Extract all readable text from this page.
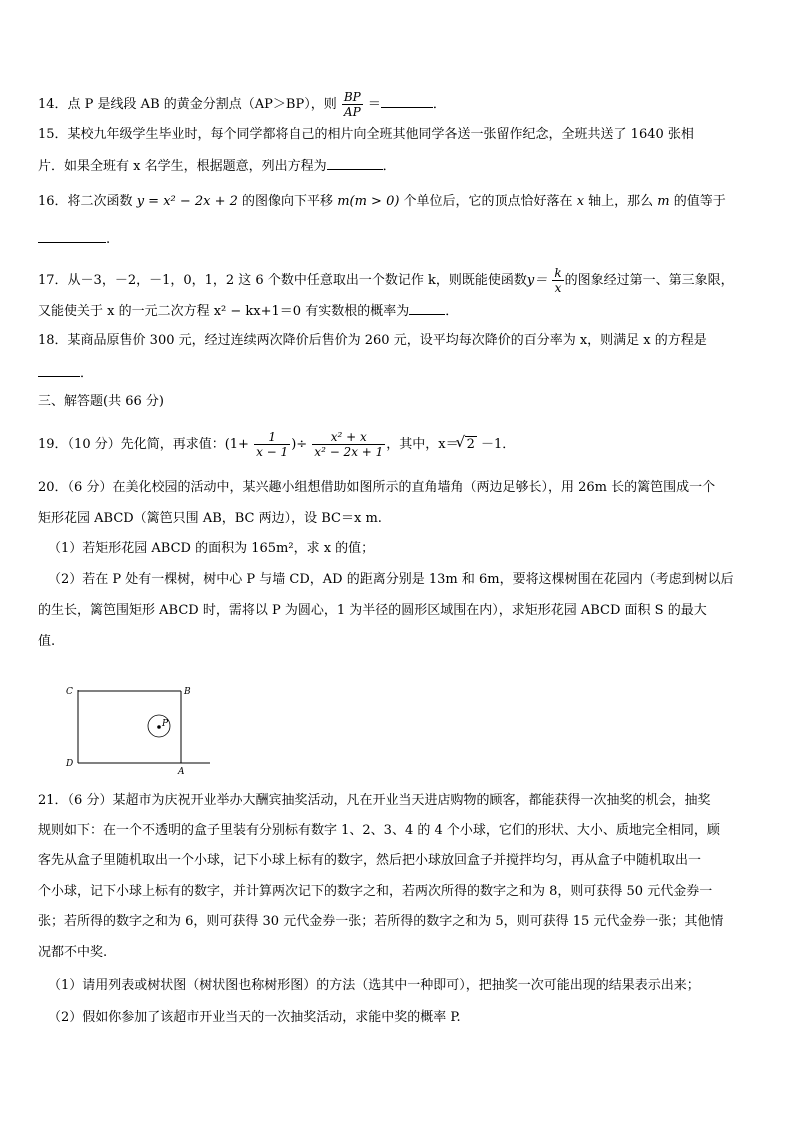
14．点 P 是线段 AB 的黄金分割点（AP＞BP），则 $\frac{BP}{AP}$ ＝	．
15．某校九年级学生毕业时，每个同学都将自己的相片向全班其他同学各送一张留作纪念，全班共送了 1640 张相
片．如果全班有 x 名学生，根据题意，列出方程为	．
16．将二次函数 y = x² − 2x + 2 的图像向下平移 m(m > 0) 个单位后，它的顶点恰好落在 x 轴上，那么 m 的值等于
.
17．从－3，－2，－1，0，1，2 这 6 个数中任意取出一个数记作 k，则既能使函数$y= \frac{k}{x}$ 的图象经过第一、第三象限，
又能使关于 x 的一元二次方程 x² − kx+1＝0 有实数根的概率为	．
18．某商品原售价 300 元，经过连续两次降价后售价为 260 元，设平均每次降价的百分率为 x，则满足 x 的方程是
．
三、解答题(共 66 分)
19．（10 分）先化简，再求值：($1+ \frac{1}{x - 1}$ )÷ $\frac{\text{x² + x}}{\text{x² − 2x + 1}}$ ，其中，x＝√ 2 －1．
20．（6 分）在美化校园的活动中，某兴趣小组想借助如图所示的直角墙角（两边足够长），用 26m 长的篱笆围成一个
矩形花园 ABCD（篱笆只围 AB，BC 两边），设 BC＝x m.
（1）若矩形花园 ABCD 的面积为 165m²，求 x 的值；
（2）若在 P 处有一棵树，树中心 P 与墙 CD，AD 的距离分别是 13m 和 6m，要将这棵树围在花园内（考虑到树以后
的生长，篱笆围矩形 ABCD 时，需将以 P 为圆心，1 为半径的圆形区域围在内），求矩形花园 ABCD 面积 S 的最大
值.
C	B
D
A
P
21．（6 分）某超市为庆祝开业举办大酬宾抽奖活动，凡在开业当天进店购物的顾客，都能获得一次抽奖的机会，抽奖
规则如下：在一个不透明的盒子里装有分别标有数字 1、2、3、4 的 4 个小球，它们的形状、大小、质地完全相同，顾
客先从盒子里随机取出一个小球，记下小球上标有的数字，然后把小球放回盒子并搅拌均匀，再从盒子中随机取出一
个小球，记下小球上标有的数字，并计算两次记下的数字之和，若两次所得的数字之和为 8，则可获得 50 元代金券一
张；若所得的数字之和为 6，则可获得 30 元代金券一张；若所得的数字之和为 5，则可获得 15 元代金券一张；其他情
况都不中奖.
（1）请用列表或树状图（树状图也称树形图）的方法（选其中一种即可），把抽奖一次可能出现的结果表示出来；
（2）假如你参加了该超市开业当天的一次抽奖活动，求能中奖的概率 P.
